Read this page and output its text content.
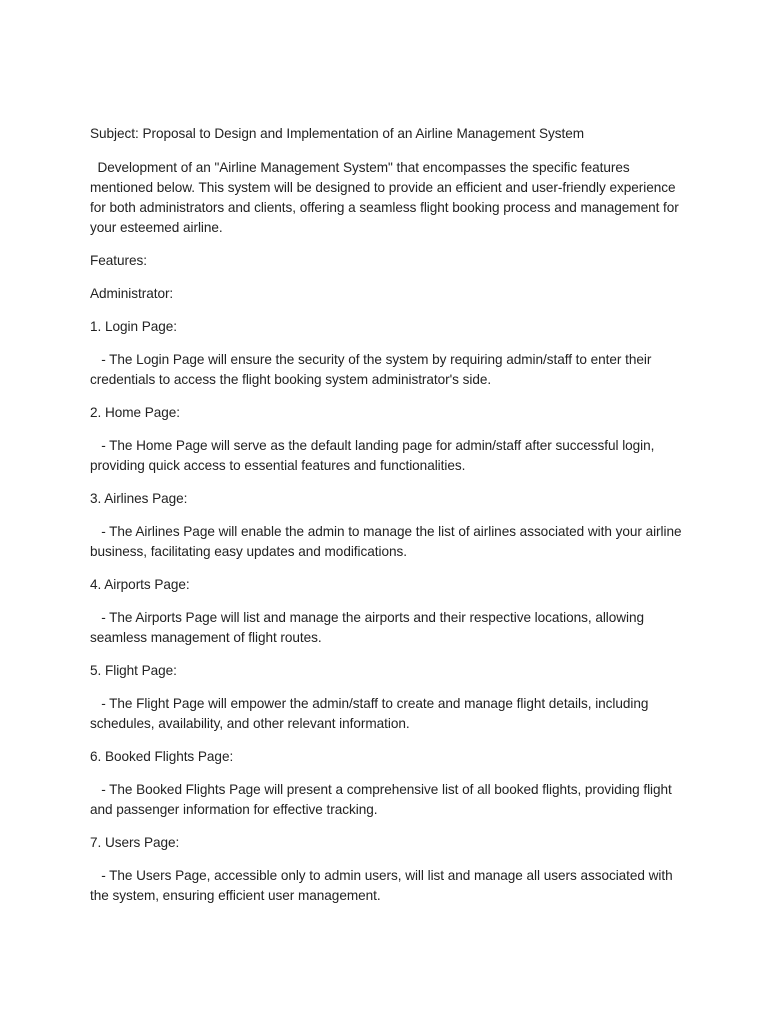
Subject: Proposal to Design and Implementation of an Airline Management System

Development of an "Airline Management System" that encompasses the specific features mentioned below. This system will be designed to provide an efficient and user-friendly experience for both administrators and clients, offering a seamless flight booking process and management for your esteemed airline.

Features:

Administrator:

1. Login Page:

- The Login Page will ensure the security of the system by requiring admin/staff to enter their credentials to access the flight booking system administrator's side.

2. Home Page:

- The Home Page will serve as the default landing page for admin/staff after successful login, providing quick access to essential features and functionalities.

3. Airlines Page:

- The Airlines Page will enable the admin to manage the list of airlines associated with your airline business, facilitating easy updates and modifications.

4. Airports Page:

- The Airports Page will list and manage the airports and their respective locations, allowing seamless management of flight routes.

5. Flight Page:

- The Flight Page will empower the admin/staff to create and manage flight details, including schedules, availability, and other relevant information.

6. Booked Flights Page:

- The Booked Flights Page will present a comprehensive list of all booked flights, providing flight and passenger information for effective tracking.

7. Users Page:

- The Users Page, accessible only to admin users, will list and manage all users associated with the system, ensuring efficient user management.
